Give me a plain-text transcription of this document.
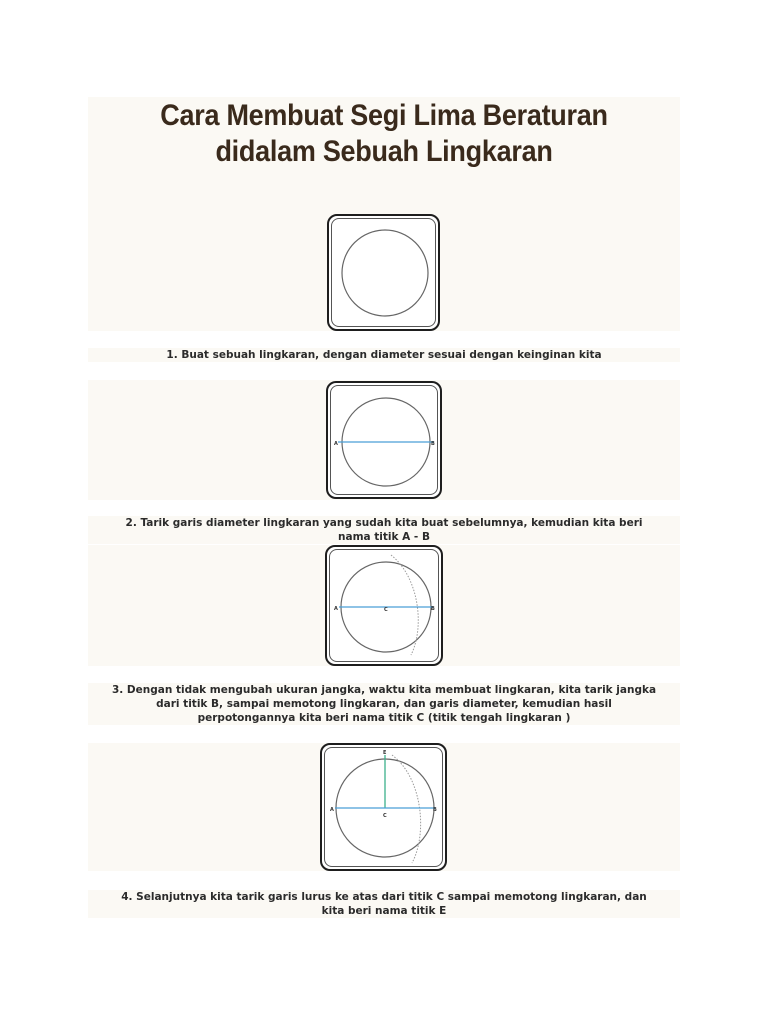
Cara Membuat Segi Lima Beraturan
didalam Sebuah Lingkaran
1. Buat sebuah lingkaran, dengan diameter sesuai dengan keinginan kita
A	B
2. Tarik garis diameter lingkaran yang sudah kita buat sebelumnya, kemudian kita beri
nama titik A - B
A	B
C
3. Dengan tidak mengubah ukuran jangka, waktu kita membuat lingkaran, kita tarik jangka
dari titik B, sampai memotong lingkaran, dan garis diameter, kemudian hasil
perpotongannya kita beri nama titik C (titik tengah lingkaran )
E
A	B
C
4. Selanjutnya kita tarik garis lurus ke atas dari titik C sampai memotong lingkaran, dan
kita beri nama titik E
